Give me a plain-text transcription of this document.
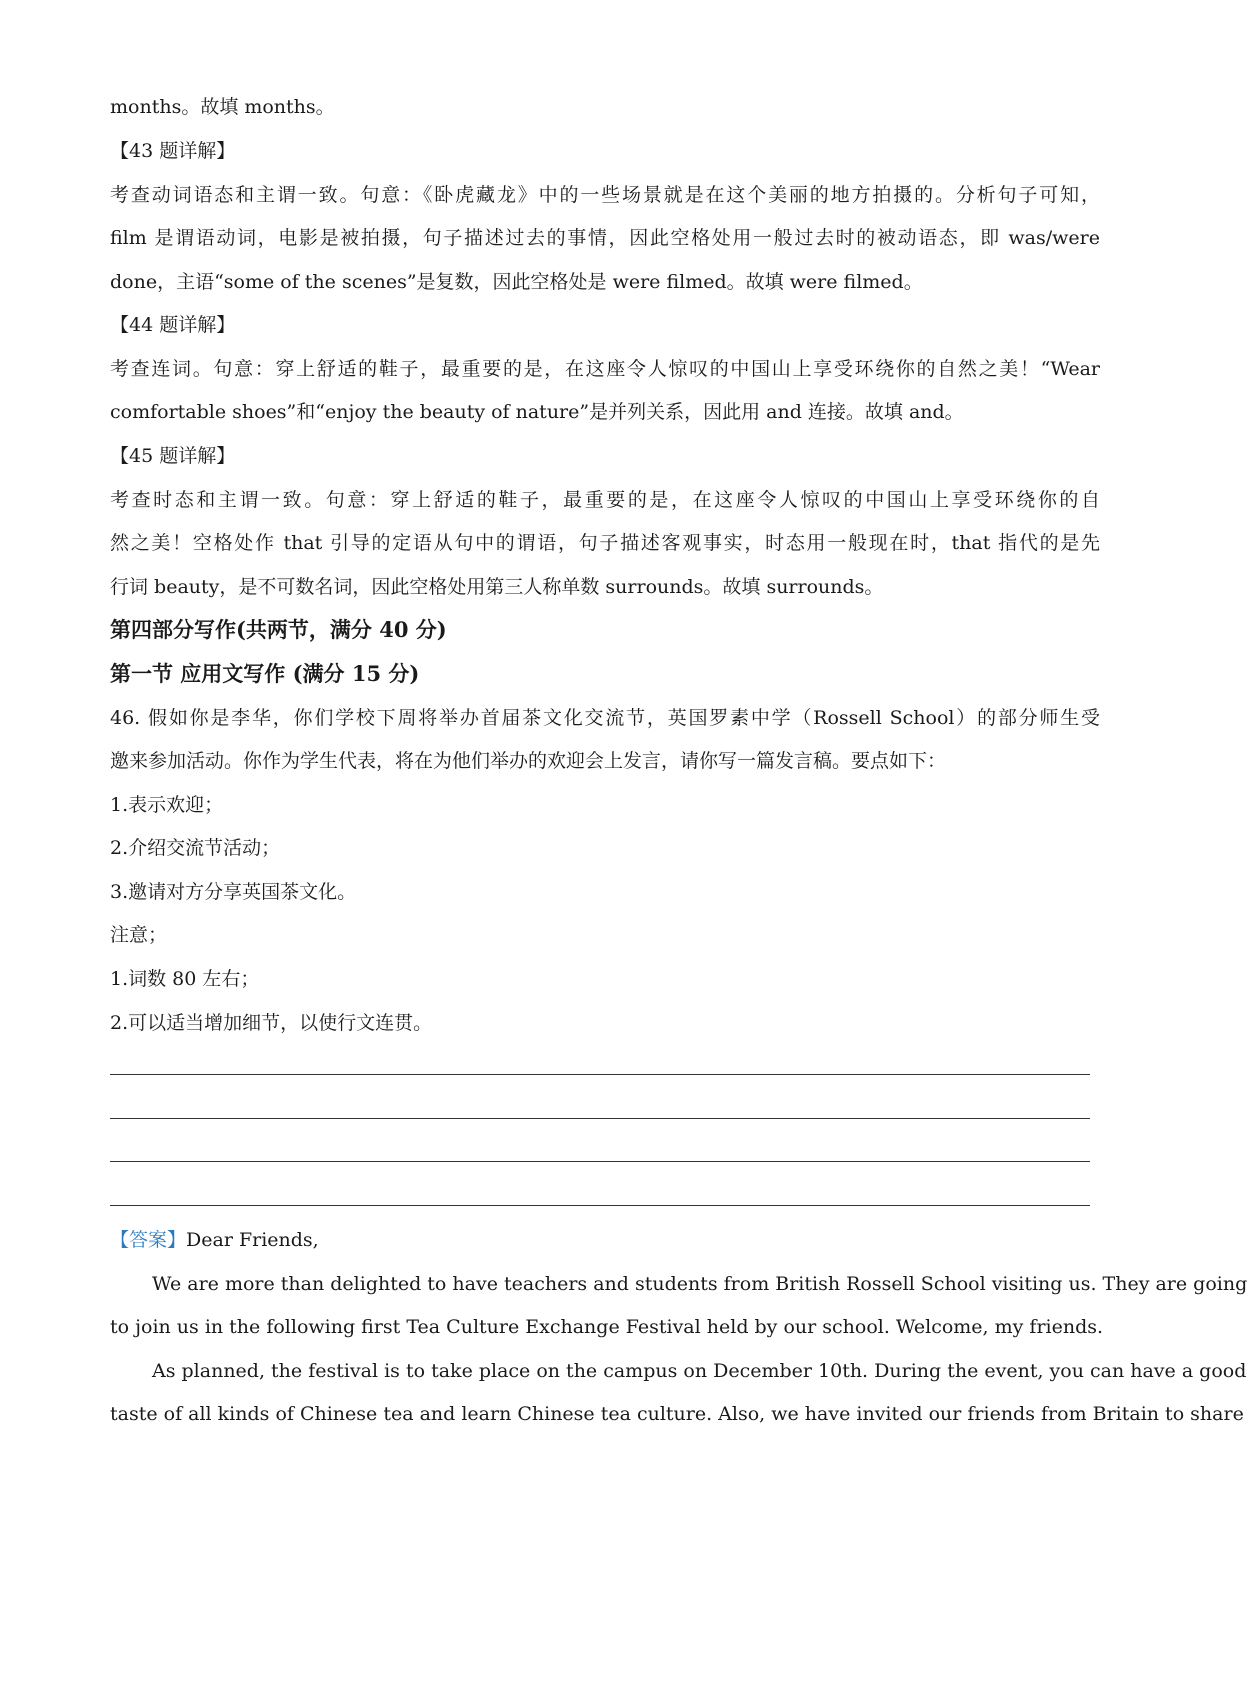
months。故填 months。
【43 题详解】
考查动词语态和主谓一致。句意：《卧虎藏龙》中的一些场景就是在这个美丽的地方拍摄的。分析句子可知，
film 是谓语动词，电影是被拍摄，句子描述过去的事情，因此空格处用一般过去时的被动语态，即 was/were
done，主语“some of the scenes”是复数，因此空格处是 were filmed。故填 were filmed。
【44 题详解】
考查连词。句意：穿上舒适的鞋子，最重要的是，在这座令人惊叹的中国山上享受环绕你的自然之美！“Wear
comfortable shoes”和“enjoy the beauty of nature”是并列关系，因此用 and 连接。故填 and。
【45 题详解】
考查时态和主谓一致。句意：穿上舒适的鞋子，最重要的是，在这座令人惊叹的中国山上享受环绕你的自
然之美！空格处作 that 引导的定语从句中的谓语，句子描述客观事实，时态用一般现在时，that 指代的是先
行词 beauty，是不可数名词，因此空格处用第三人称单数 surrounds。故填 surrounds。
第四部分写作(共两节，满分 40 分)
第一节 应用文写作 (满分 15 分)
46. 假如你是李华，你们学校下周将举办首届茶文化交流节，英国罗素中学（Rossell School）的部分师生受
邀来参加活动。你作为学生代表，将在为他们举办的欢迎会上发言，请你写一篇发言稿。要点如下：
1.表示欢迎；
2.介绍交流节活动；
3.邀请对方分享英国茶文化。
注意；
1.词数 80 左右；
2.可以适当增加细节，以使行文连贯。
【答案】Dear Friends,
We are more than delighted to have teachers and students from British Rossell School visiting us. They are going
to join us in the following first Tea Culture Exchange Festival held by our school. Welcome, my friends.
As planned, the festival is to take place on the campus on December 10th. During the event, you can have a good
taste of all kinds of Chinese tea and learn Chinese tea culture. Also, we have invited our friends from Britain to share
